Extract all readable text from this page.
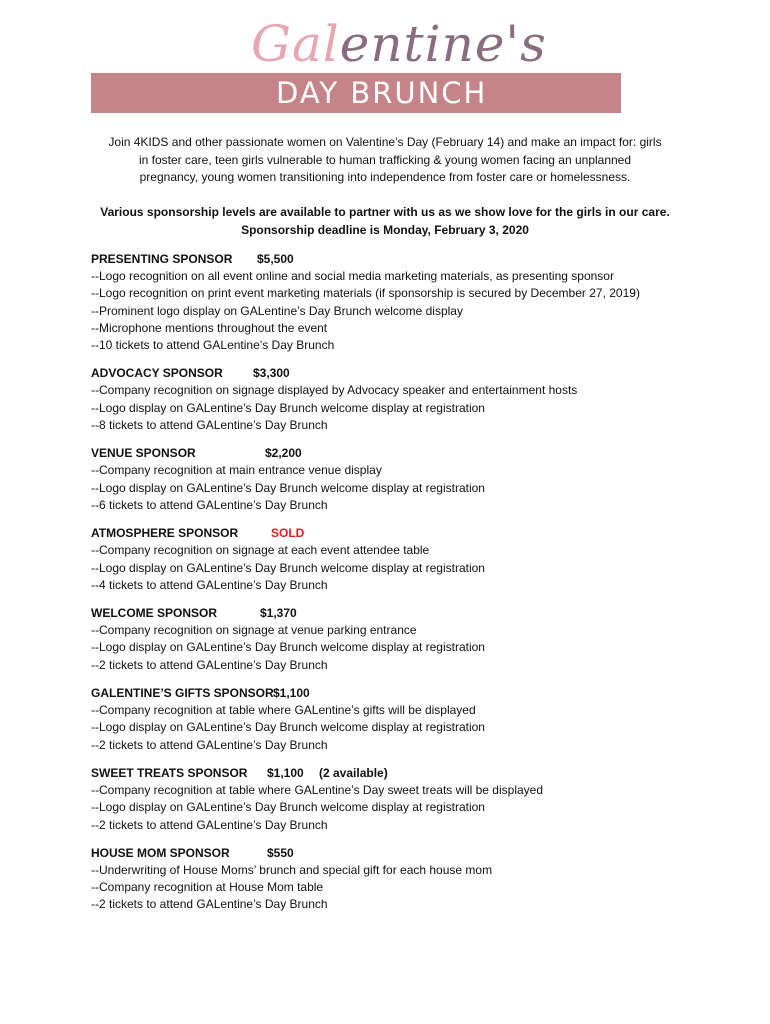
Galentine's
DAY BRUNCH

Join 4KIDS and other passionate women on Valentine’s Day (February 14) and make an impact for: girls

in foster care, teen girls vulnerable to human trafficking & young women facing an unplanned

pregnancy, young women transitioning into independence from foster care or homelessness.

Various sponsorship levels are available to partner with us as we show love for the girls in our care.

Sponsorship deadline is Monday, February 3, 2020

PRESENTING SPONSOR $5,500
--Logo recognition on all event online and social media marketing materials, as presenting sponsor
--Logo recognition on print event marketing materials (if sponsorship is secured by December 27, 2019)
--Prominent logo display on GALentine’s Day Brunch welcome display
--Microphone mentions throughout the event
--10 tickets to attend GALentine’s Day Brunch
ADVOCACY SPONSOR	$3,300
--Company recognition on signage displayed by Advocacy speaker and entertainment hosts
--Logo display on GALentine’s Day Brunch welcome display at registration
--8 tickets to attend GALentine’s Day Brunch
VENUE SPONSOR	$2,200
--Company recognition at main entrance venue display
--Logo display on GALentine’s Day Brunch welcome display at registration
--6 tickets to attend GALentine’s Day Brunch
ATMOSPHERE SPONSOR	SOLD
--Company recognition on signage at each event attendee table
--Logo display on GALentine’s Day Brunch welcome display at registration
--4 tickets to attend GALentine’s Day Brunch
WELCOME SPONSOR	$1,370
--Company recognition on signage at venue parking entrance
--Logo display on GALentine’s Day Brunch welcome display at registration
--2 tickets to attend GALentine’s Day Brunch
GALENTINE’S GIFTS SPONSOR $1,100
--Company recognition at table where GALentine’s gifts will be displayed
--Logo display on GALentine’s Day Brunch welcome display at registration
--2 tickets to attend GALentine’s Day Brunch
SWEET TREATS SPONSOR $1,100 (2 available)
--Company recognition at table where GALentine’s Day sweet treats will be displayed
--Logo display on GALentine’s Day Brunch welcome display at registration
--2 tickets to attend GALentine’s Day Brunch
HOUSE MOM SPONSOR	$550
--Underwriting of House Moms’ brunch and special gift for each house mom
--Company recognition at House Mom table
--2 tickets to attend GALentine’s Day Brunch
